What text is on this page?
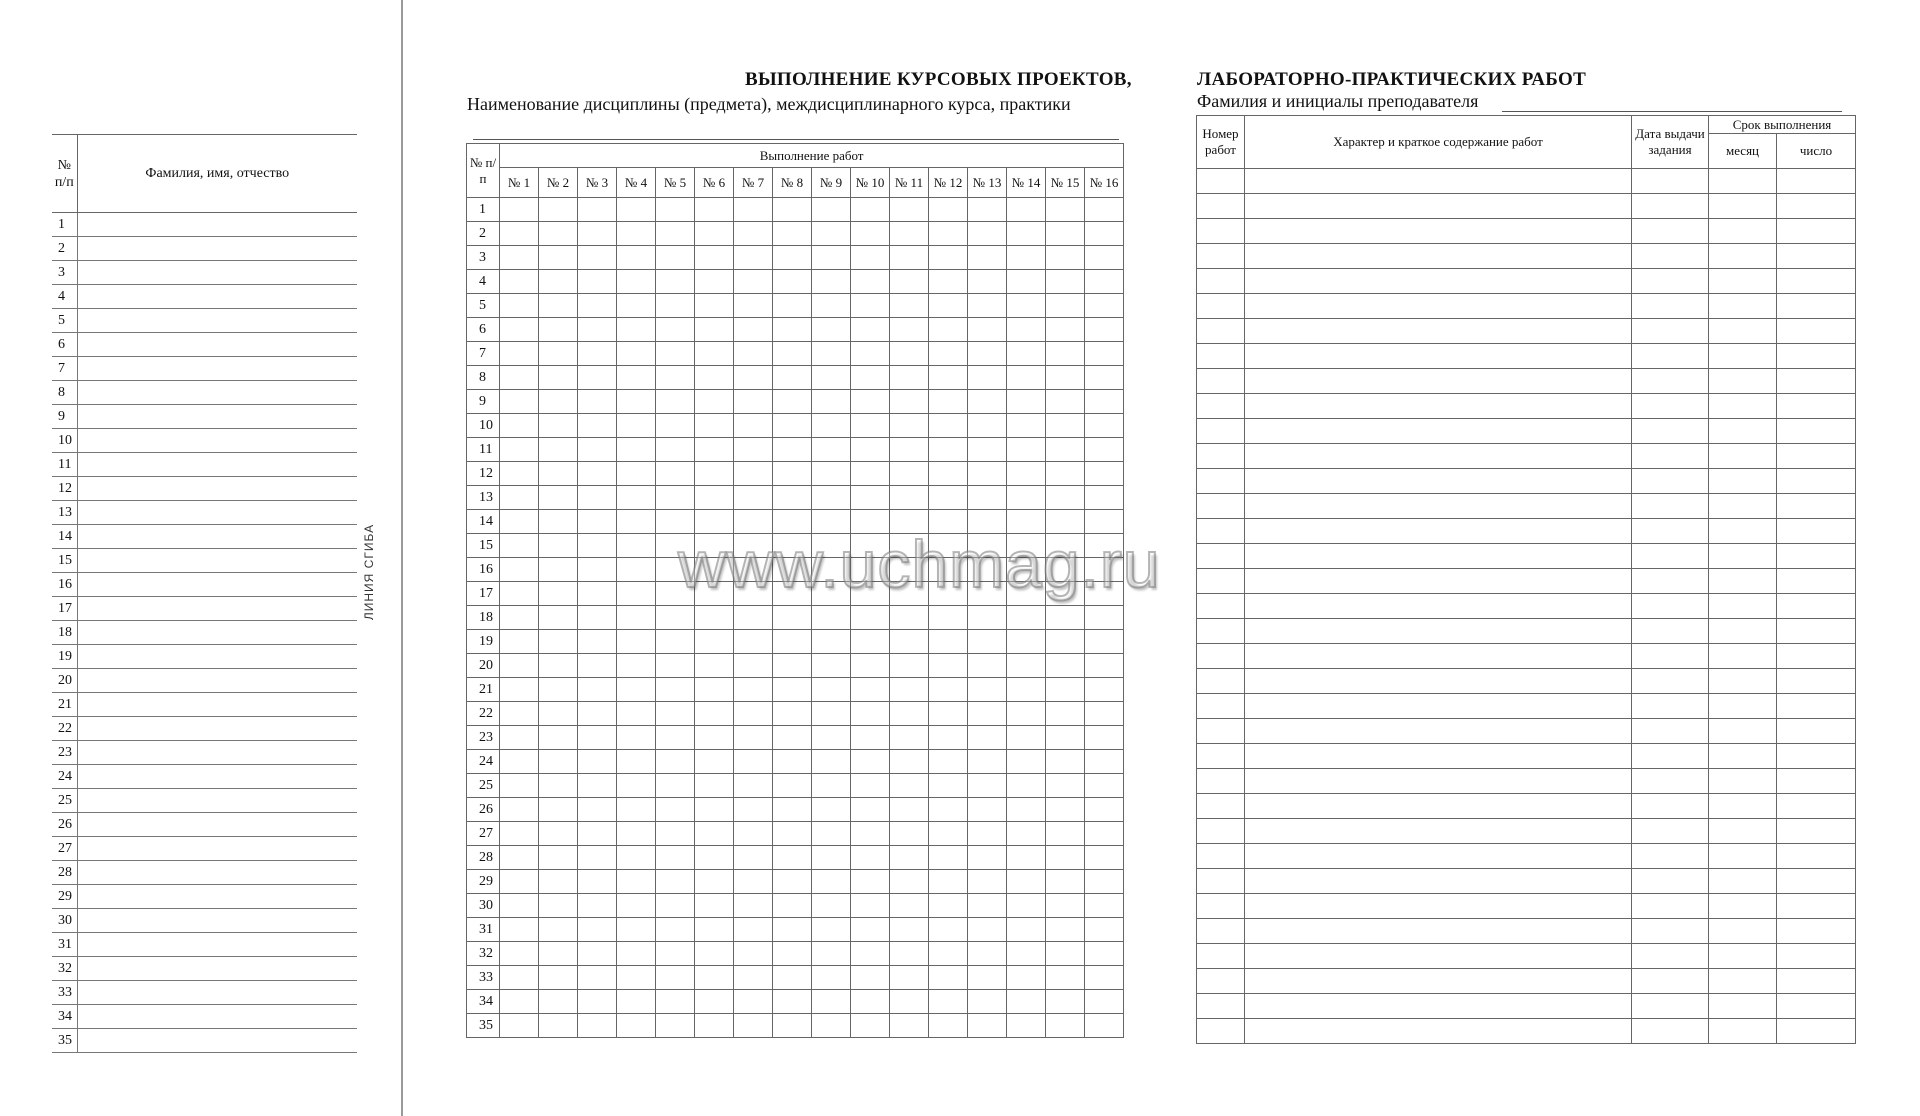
№ п/п	Фамилия, имя, отчество
1	
2	
3	
4	
5	
6	
7	
8	
9	
10	
11	
12	
13	
14	
15	
16	
17	
18	
19	
20	
21	
22	
23	
24	
25	
26	
27	
28	
29	
30	
31	
32	
33	
34	
35	
ЛИНИЯ СГИБА
ВЫПОЛНЕНИЕ КУРСОВЫХ ПРОЕКТОВ,
Наименование дисциплины (предмета), междисциплинарного курса, практики
ЛАБОРАТОРНО-ПРАКТИЧЕСКИХ РАБОТ
Фамилия и инициалы преподавателя
№ п/п	Выполнение работ															
	№ 1	№ 2	№ 3	№ 4	№ 5	№ 6	№ 7	№ 8	№ 9	№ 10	№ 11	№ 12	№ 13	№ 14	№ 15	№ 16
1																
2																
3																
4																
5																
6																
7																
8																
9																
10																
11																
12																
13																
14																
15																
16																
17																
18																
19																
20																
21																
22																
23																
24																
25																
26																
27																
28																
29																
30																
31																
32																
33																
34																
35																
Номер работ	Характер и краткое содержание работ	Дата выдачи задания	Срок выполнения	
			месяц	число

www.uchmag.ru
